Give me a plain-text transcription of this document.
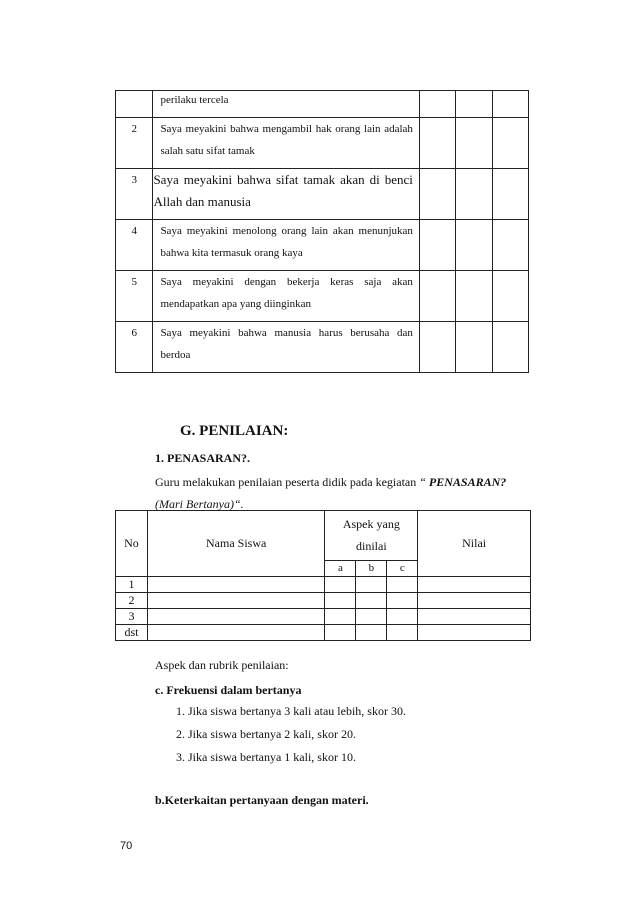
	perilaku tercela			
2	Saya meyakini bahwa mengambil hak orang lain adalah salah satu sifat tamak			
3	Saya meyakini bahwa sifat tamak akan di benci Allah dan manusia			
4	Saya meyakini menolong orang lain akan menunjukan bahwa kita termasuk orang kaya			
5	Saya meyakini dengan bekerja keras saja akan mendapatkan apa yang diinginkan			
6	Saya meyakini bahwa manusia harus berusaha dan berdoa			
G. PENILAIAN:
1. PENASARAN?.
Guru melakukan penilaian peserta didik pada kegiatan “ PENASARAN?
(Mari Bertanya)“.
No	Nama Siswa	Aspek yang dinilai			Nilai
		a	b	c	
1					
2					
3					
dst					
Aspek dan rubrik penilaian:
c. Frekuensi dalam bertanya
1. Jika siswa bertanya 3 kali atau lebih, skor 30.
2. Jika siswa bertanya 2 kali, skor 20.
3. Jika siswa bertanya 1 kali, skor 10.
b.Keterkaitan pertanyaan dengan materi.
70
